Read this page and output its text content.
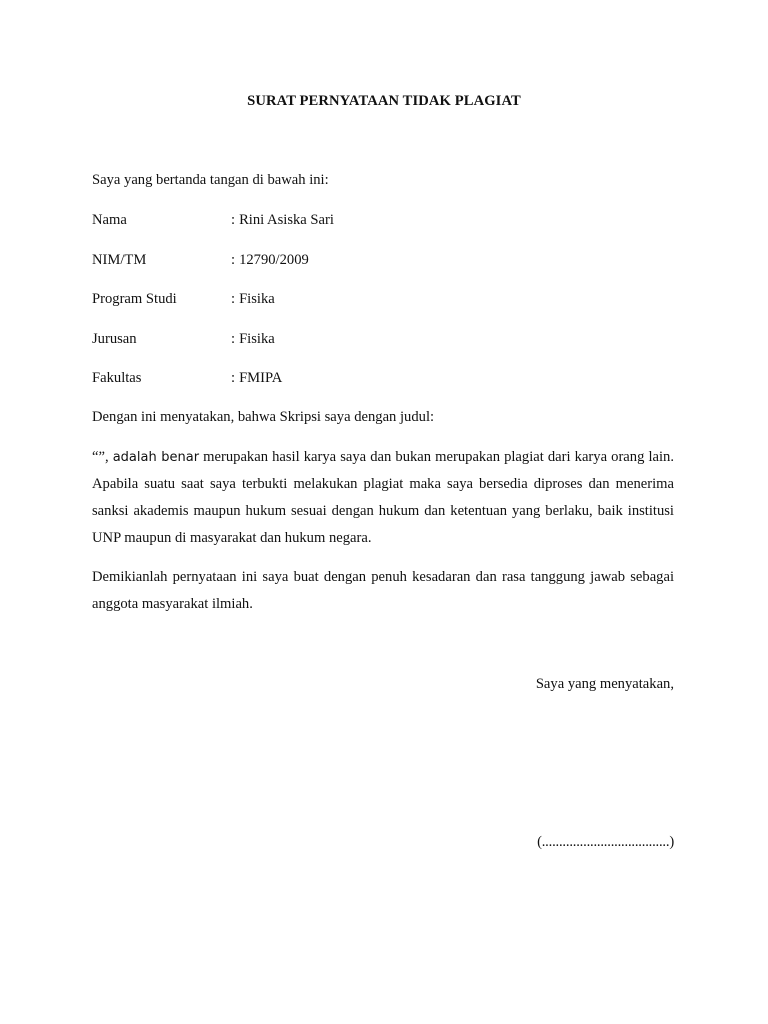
SURAT PERNYATAAN TIDAK PLAGIAT
Saya yang bertanda tangan di bawah ini:
Nama	: Rini Asiska Sari
NIM/TM	: 12790/2009
Program Studi	: Fisika
Jurusan	: Fisika
Fakultas	: FMIPA
Dengan ini menyatakan, bahwa Skripsi saya dengan judul:
“”, adalah benar merupakan hasil karya saya dan bukan merupakan plagiat dari karya orang lain. Apabila suatu saat saya terbukti melakukan plagiat maka saya bersedia diproses dan menerima sanksi akademis maupun hukum sesuai dengan hukum dan ketentuan yang berlaku, baik institusi UNP maupun di masyarakat dan hukum negara.
Demikianlah pernyataan ini saya buat dengan penuh kesadaran dan rasa tanggung jawab sebagai anggota masyarakat ilmiah.
Saya yang menyatakan,
(.....................................)
